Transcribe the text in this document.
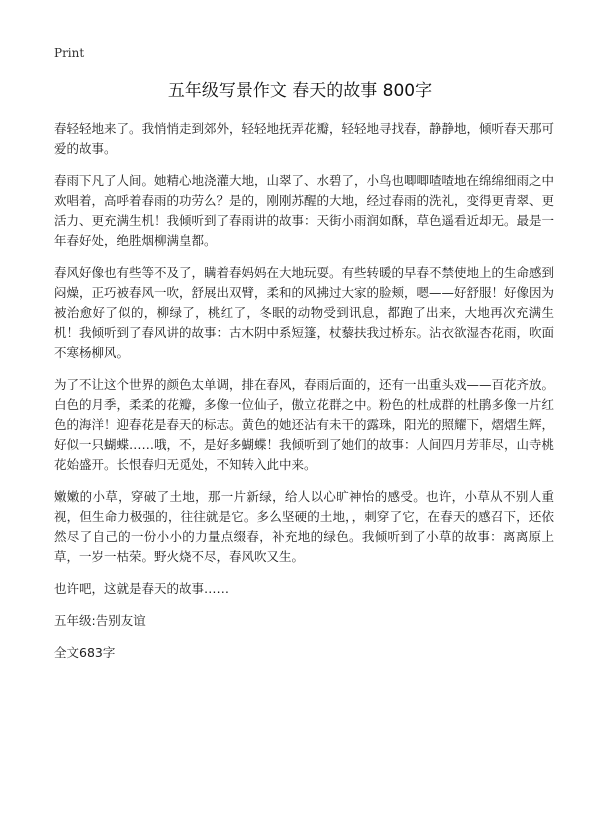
Print
五年级写景作文 春天的故事 800字

春轻轻地来了。我悄悄走到郊外，轻轻地抚弄花瓣，轻轻地寻找春，静静地，倾听春天那可爱的故事。

春雨下凡了人间。她精心地浇灌大地，山翠了、水碧了，小鸟也唧唧喳喳地在绵绵细雨之中欢唱着，高呼着春雨的功劳么？是的，刚刚苏醒的大地，经过春雨的洗礼，变得更青翠、更活力、更充满生机！我倾听到了春雨讲的故事：天街小雨润如酥，草色遥看近却无。最是一年春好处，绝胜烟柳满皇都。

春风好像也有些等不及了，瞒着春妈妈在大地玩耍。有些转暖的早春不禁使地上的生命感到闷燥，正巧被春风一吹，舒展出双臂，柔和的风拂过大家的脸颊，嗯——好舒服！好像因为被治愈好了似的，柳绿了，桃红了，冬眠的动物受到讯息，都跑了出来，大地再次充满生机！我倾听到了春风讲的故事：古木阴中系短篷，杖藜扶我过桥东。沾衣欲湿杏花雨，吹面不寒杨柳风。

为了不让这个世界的颜色太单调，排在春风，春雨后面的，还有一出重头戏——百花齐放。白色的月季，柔柔的花瓣，多像一位仙子，傲立花群之中。粉色的杜成群的杜鹃多像一片红色的海洋！迎春花是春天的标志。黄色的她还沾有未干的露珠，阳光的照耀下，熠熠生辉，好似一只蝴蝶……哦，不，是好多蝴蝶！我倾听到了她们的故事：人间四月芳菲尽，山寺桃花始盛开。长恨春归无觅处，不知转入此中来。

嫩嫩的小草，穿破了土地，那一片新绿，给人以心旷神怡的感受。也许，小草从不别人重视，但生命力极强的，往往就是它。多么坚硬的土地，，刺穿了它，在春天的感召下，还依然尽了自己的一份小小的力量点缀春，补充地的绿色。我倾听到了小草的故事：离离原上草，一岁一枯荣。野火烧不尽，春风吹又生。

也许吧，这就是春天的故事……

五年级:告别友谊

全文683字
